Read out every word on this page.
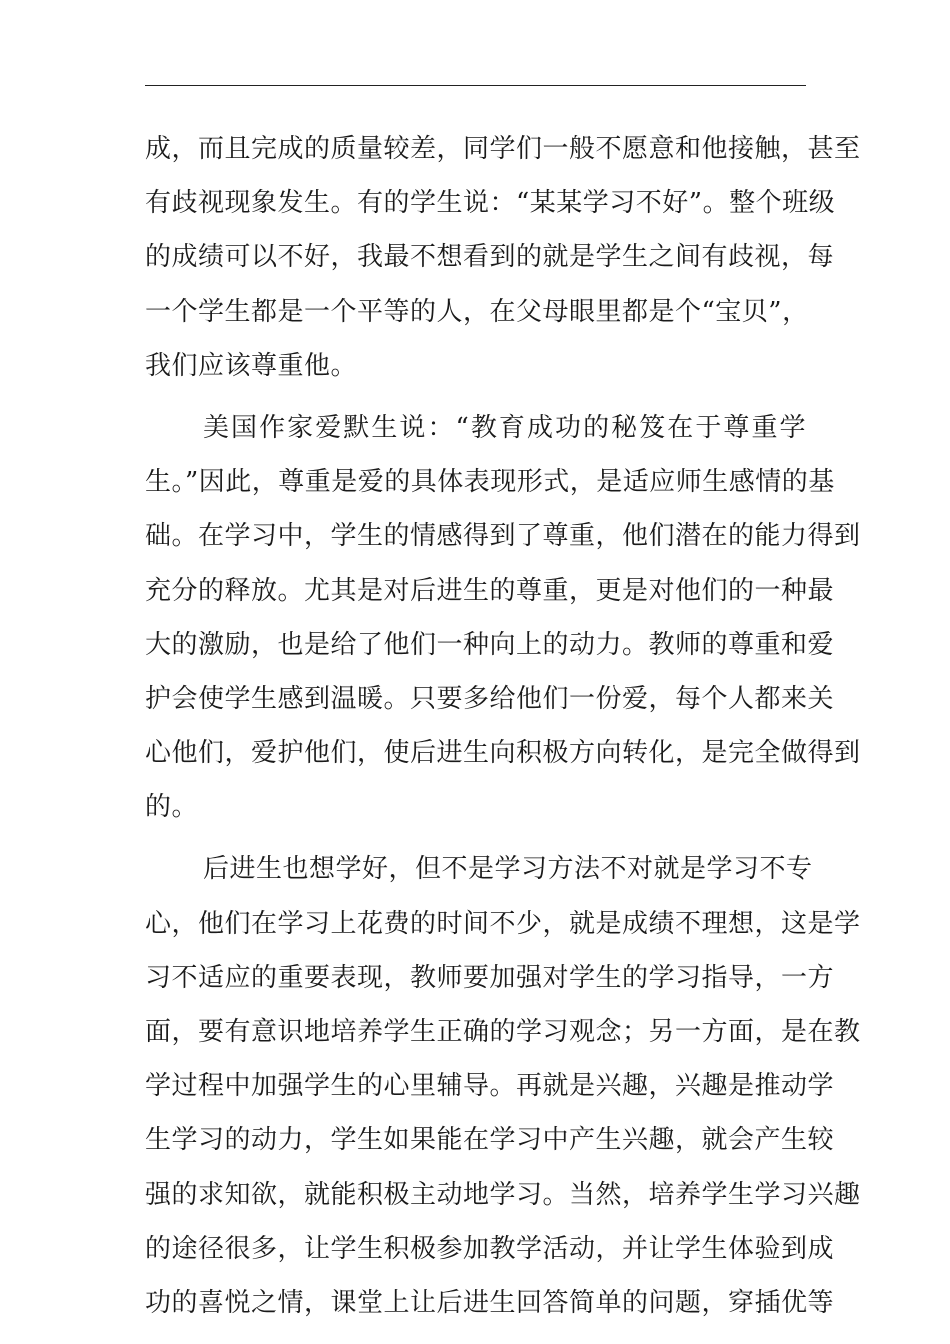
成，而且完成的质量较差，同学们一般不愿意和他接触，甚至
有歧视现象发生。有的学生说：“某某学习不好”。整个班级
的成绩可以不好，我最不想看到的就是学生之间有歧视，每
一个学生都是一个平等的人，在父母眼里都是个“宝贝”，
我们应该尊重他。
美国作家爱默生说：“教育成功的秘笈在于尊重学
生。”因此，尊重是爱的具体表现形式，是适应师生感情的基
础。在学习中，学生的情感得到了尊重，他们潜在的能力得到
充分的释放。尤其是对后进生的尊重，更是对他们的一种最
大的激励，也是给了他们一种向上的动力。教师的尊重和爱
护会使学生感到温暖。只要多给他们一份爱，每个人都来关
心他们，爱护他们，使后进生向积极方向转化，是完全做得到
的。
后进生也想学好，但不是学习方法不对就是学习不专
心，他们在学习上花费的时间不少，就是成绩不理想，这是学
习不适应的重要表现，教师要加强对学生的学习指导，一方
面，要有意识地培养学生正确的学习观念；另一方面，是在教
学过程中加强学生的心里辅导。再就是兴趣，兴趣是推动学
生学习的动力，学生如果能在学习中产生兴趣，就会产生较
强的求知欲，就能积极主动地学习。当然，培养学生学习兴趣
的途径很多，让学生积极参加教学活动，并让学生体验到成
功的喜悦之情，课堂上让后进生回答简单的问题，穿插优等
